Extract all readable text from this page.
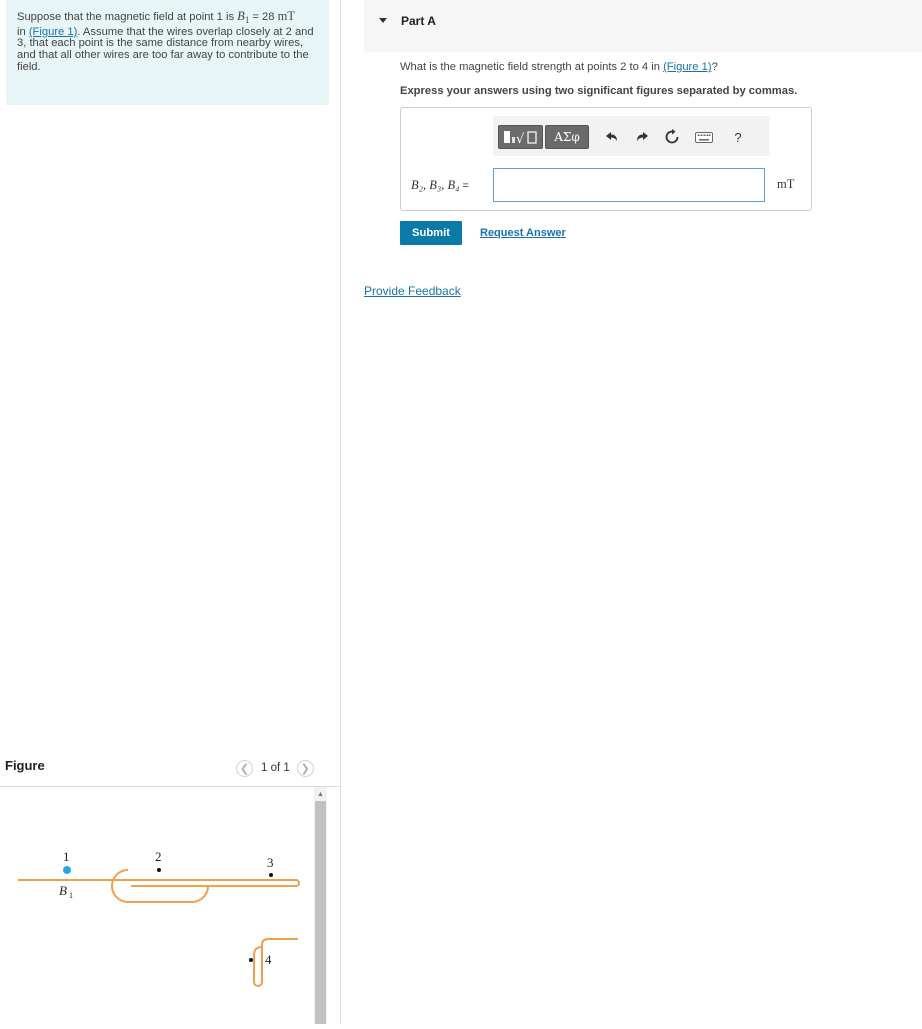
Suppose that the magnetic field at point 1 is $B_1 = 28$ mT
in (Figure 1). Assume that the wires overlap closely at 2 and 3, that each point is the same distance from nearby wires, and that all other wires are too far away to contribute to the field.
Figure	❮ 1 of 1 ❯
1	2	3
4
B 1
▲
Part A
What is the magnetic field strength at points 2 to 4 in (Figure 1)?
Express your answers using two significant figures separated by commas.
√	ΑΣφ	?
B₂, B₃, B₄ =	mT
Submit	Request Answer
Provide Feedback
